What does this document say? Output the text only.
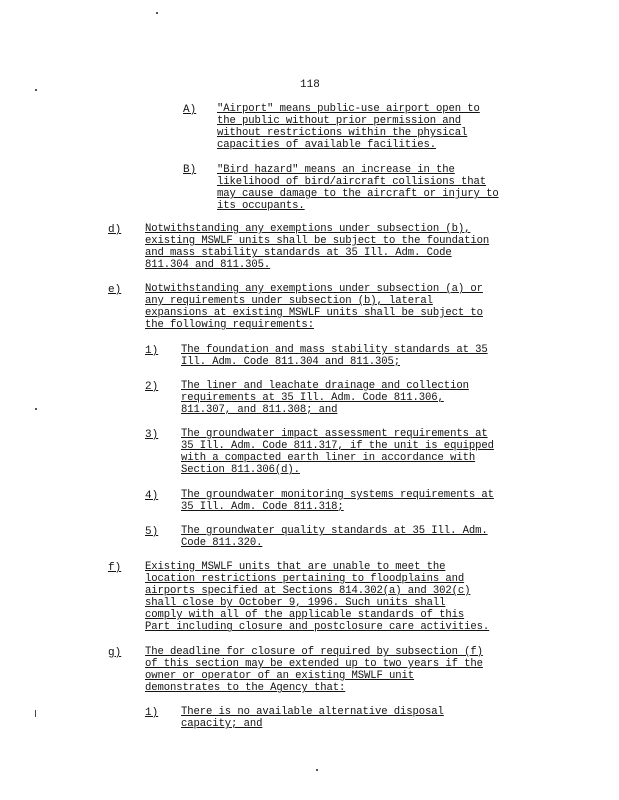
118
A) "Airport" means public-use airport open to
the public without prior permission and
without restrictions within the physical
capacities of available facilities.
B) "Bird hazard" means an increase in the
likelihood of bird/aircraft collisions that
may cause damage to the aircraft or injury to
its occupants.
d) Notwithstanding any exemptions under subsection (b),
existing MSWLF units shall be subject to the foundation
and mass stability standards at 35 Ill. Adm. Code
811.304 and 811.305.
e) Notwithstanding any exemptions under subsection (a) or
any requirements under subsection (b), lateral
expansions at existing MSWLF units shall be subject to
the following requirements:
1) The foundation and mass stability standards at 35
Ill. Adm. Code 811.304 and 811.305;
2) The liner and leachate drainage and collection
requirements at 35 Ill. Adm. Code 811.306,
811.307, and 811.308; and
3) The groundwater impact assessment requirements at
35 Ill. Adm. Code 811.317, if the unit is equipped
with a compacted earth liner in accordance with
Section 811.306(d).
4) The groundwater monitoring systems requirements at
35 Ill. Adm. Code 811.318;
5) The groundwater quality standards at 35 Ill. Adm.
Code 811.320.
f) Existing MSWLF units that are unable to meet the
location restrictions pertaining to floodplains and
airports specified at Sections 814.302(a) and 302(c)
shall close by October 9, 1996. Such units shall
comply with all of the applicable standards of this
Part including closure and postclosure care activities.
g) The deadline for closure of required by subsection (f)
of this section may be extended up to two years if the
owner or operator of an existing MSWLF unit
demonstrates to the Agency that:
1) There is no available alternative disposal
capacity; and
